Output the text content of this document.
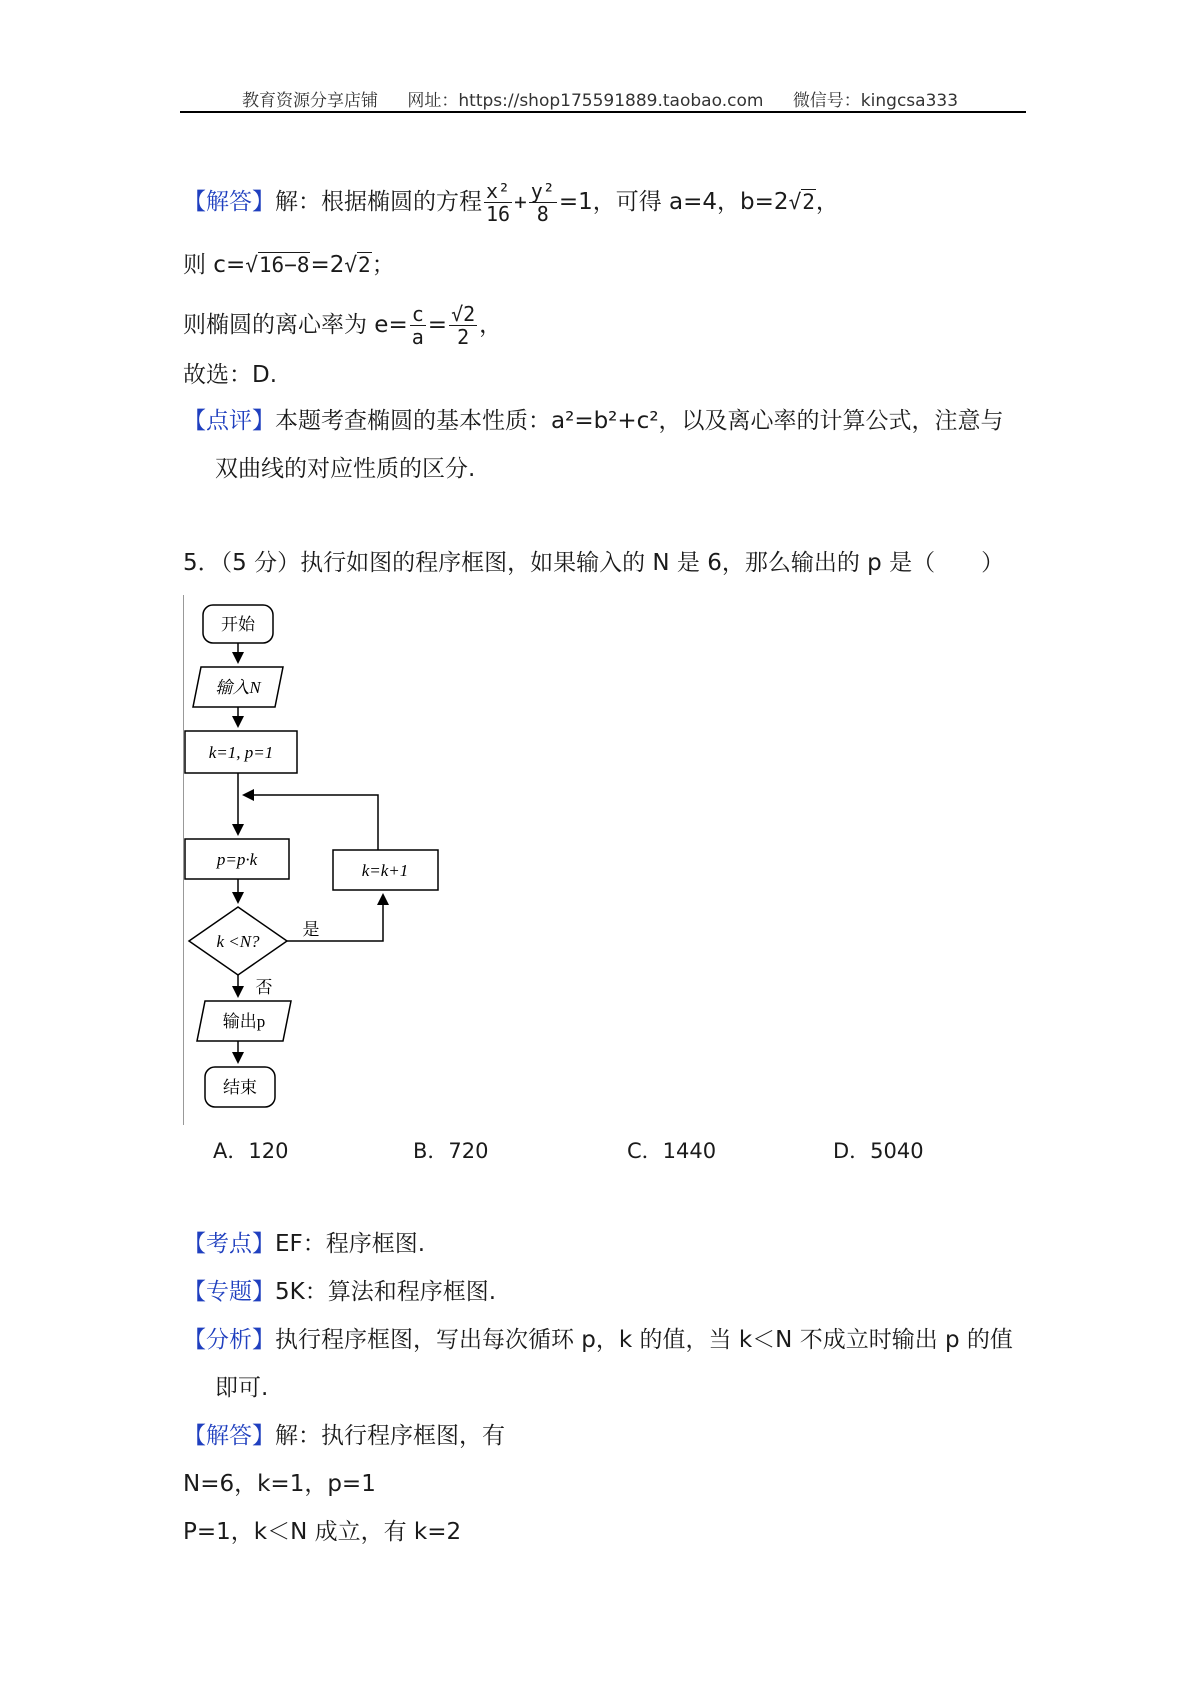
教育资源分享店铺 网址：https://shop175591889.taobao.com 微信号：kingcsa333
【解答】解：根据椭圆的方程 $\frac{\text{x²}}{16} + \frac{\text{y²}}{8} =1$，可得 a=4，b=2√2，
则 c=√16−8=2√2；
则椭圆的离心率为 $e= \frac{c}{a} = \frac{√2}{2}$ ，
故选：D.
【点评】本题考查椭圆的基本性质：a²=b²+c²，以及离心率的计算公式，注意与
双曲线的对应性质的区分.
5．（5 分）执行如图的程序框图，如果输入的 N 是 6，那么输出的 p 是（　　）
开始
输入N
k=1, p=1
p=p·k
k=k+1
k <N?
是
否
输出p
结束
A．120	B．720	C．1440	D．5040
【考点】EF：程序框图.
【专题】5K：算法和程序框图.
【分析】执行程序框图，写出每次循环 p，k 的值，当 k＜N 不成立时输出 p 的值
即可.
【解答】解：执行程序框图，有
N=6，k=1，p=1
P=1，k＜N 成立，有 k=2
